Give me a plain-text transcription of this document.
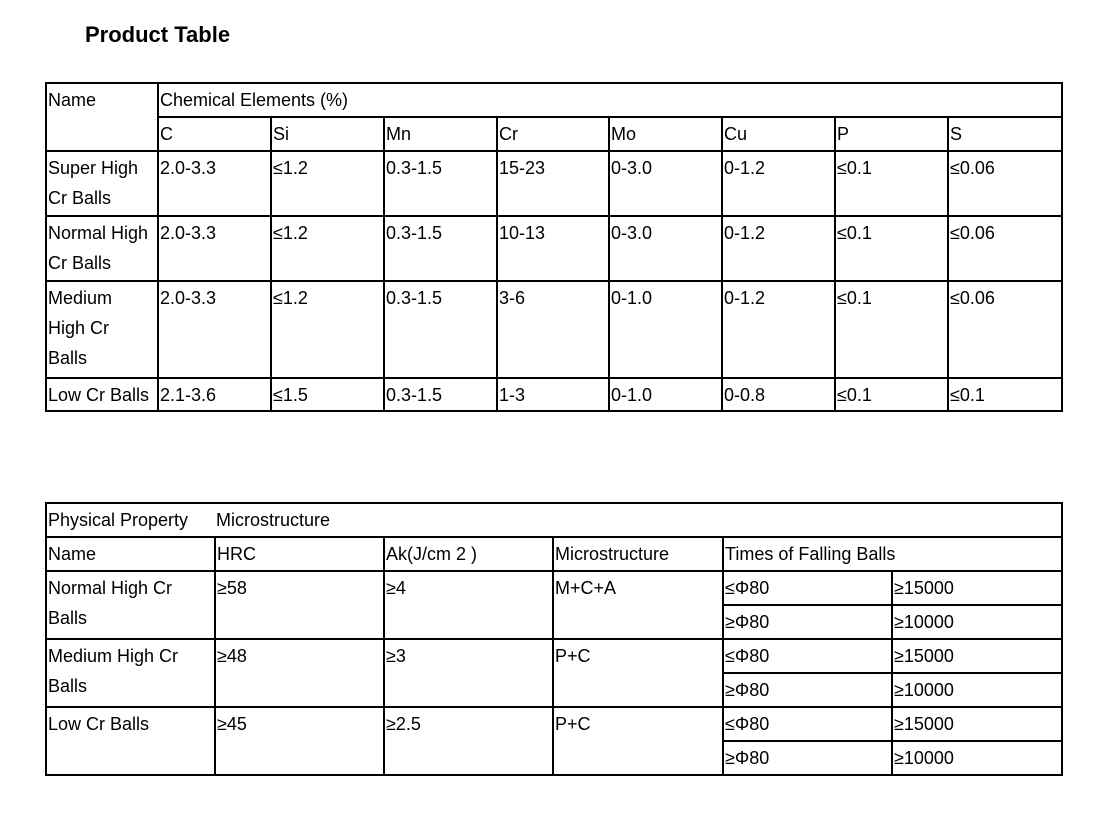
Product Table
Name	Chemical Elements (%)							
	C	Si	Mn	Cr	Mo	Cu	P	S
Super High Cr Balls	2.0-3.3	≤1.2	0.3-1.5	15-23	0-3.0	0-1.2	≤0.1	≤0.06
Normal High Cr Balls	2.0-3.3	≤1.2	0.3-1.5	10-13	0-3.0	0-1.2	≤0.1	≤0.06
Medium High Cr Balls	2.0-3.3	≤1.2	0.3-1.5	3-6	0-1.0	0-1.2	≤0.1	≤0.06
Low Cr Balls	2.1-3.6	≤1.5	0.3-1.5	1-3	0-1.0	0-0.8	≤0.1	≤0.1
Physical Property	Microstructure				
Name	HRC	Ak(J/cm 2 )	Microstructure	Times of Falling Balls	
Normal High Cr Balls	≥58	≥4	M+C+A	≤Φ80	≥15000
				≥Φ80	≥10000
Medium High Cr Balls	≥48	≥3	P+C	≤Φ80	≥15000
				≥Φ80	≥10000
Low Cr Balls	≥45	≥2.5	P+C	≤Φ80	≥15000
				≥Φ80	≥10000
